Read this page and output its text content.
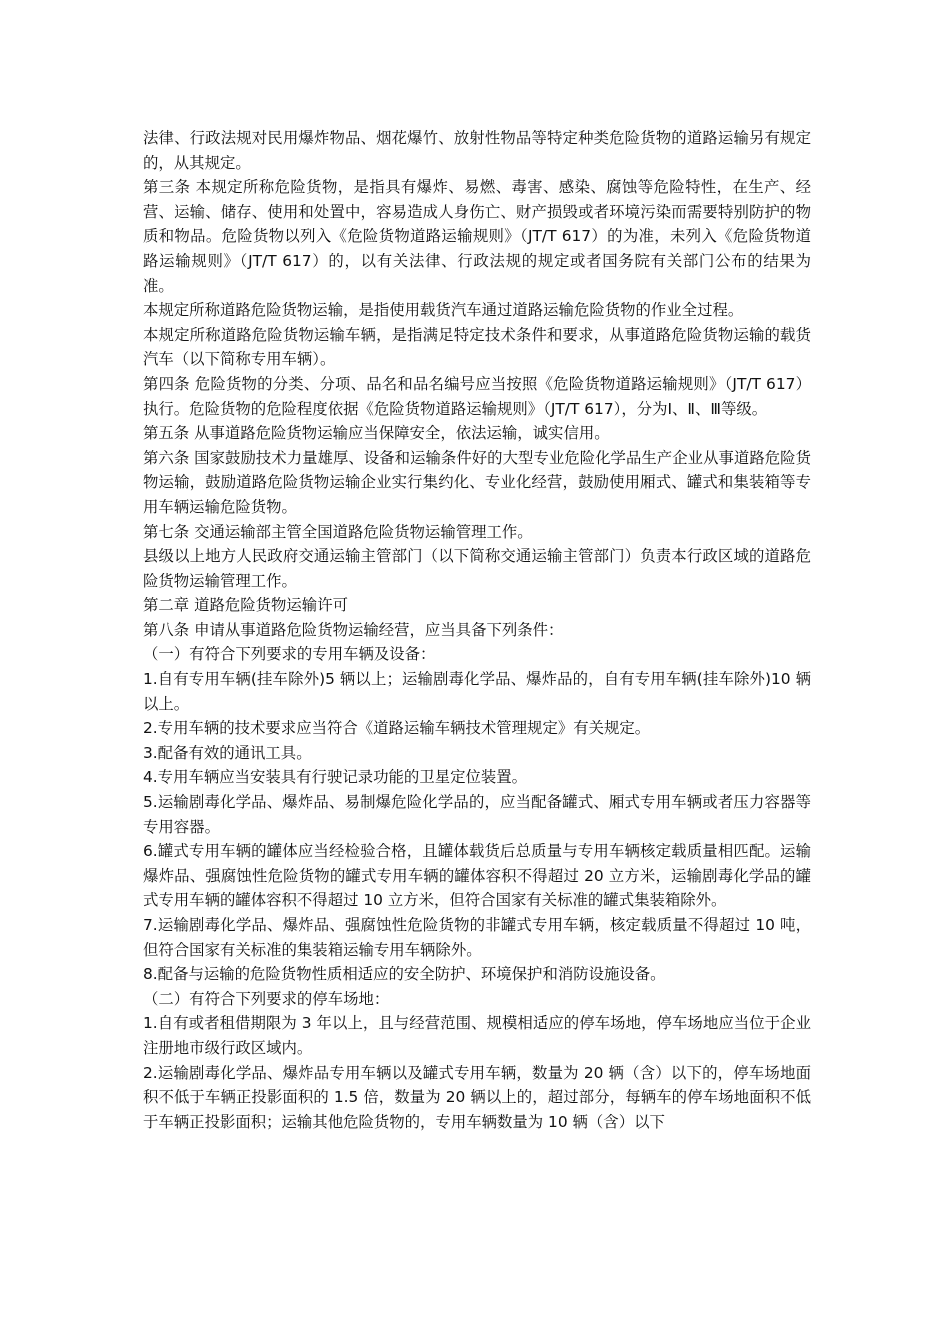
法律、行政法规对民用爆炸物品、烟花爆竹、放射性物品等特定种类危险货物的道路运输另有规定的，从其规定。

第三条 本规定所称危险货物，是指具有爆炸、易燃、毒害、感染、腐蚀等危险特性，在生产、经营、运输、储存、使用和处置中，容易造成人身伤亡、财产损毁或者环境污染而需要特别防护的物质和物品。危险货物以列入《危险货物道路运输规则》（JT/T 617）的为准，未列入《危险货物道路运输规则》（JT/T 617）的，以有关法律、行政法规的规定或者国务院有关部门公布的结果为准。

本规定所称道路危险货物运输，是指使用载货汽车通过道路运输危险货物的作业全过程。

本规定所称道路危险货物运输车辆，是指满足特定技术条件和要求，从事道路危险货物运输的载货汽车（以下简称专用车辆）。

第四条 危险货物的分类、分项、品名和品名编号应当按照《危险货物道路运输规则》（JT/T 617）执行。危险货物的危险程度依据《危险货物道路运输规则》（JT/T 617），分为Ⅰ、Ⅱ、Ⅲ等级。

第五条 从事道路危险货物运输应当保障安全，依法运输，诚实信用。

第六条 国家鼓励技术力量雄厚、设备和运输条件好的大型专业危险化学品生产企业从事道路危险货物运输，鼓励道路危险货物运输企业实行集约化、专业化经营，鼓励使用厢式、罐式和集装箱等专用车辆运输危险货物。

第七条 交通运输部主管全国道路危险货物运输管理工作。

县级以上地方人民政府交通运输主管部门（以下简称交通运输主管部门）负责本行政区域的道路危险货物运输管理工作。

第二章 道路危险货物运输许可

第八条 申请从事道路危险货物运输经营，应当具备下列条件：

（一）有符合下列要求的专用车辆及设备：

1.自有专用车辆(挂车除外)5 辆以上；运输剧毒化学品、爆炸品的，自有专用车辆(挂车除外)10 辆以上。

2.专用车辆的技术要求应当符合《道路运输车辆技术管理规定》有关规定。

3.配备有效的通讯工具。

4.专用车辆应当安装具有行驶记录功能的卫星定位装置。

5.运输剧毒化学品、爆炸品、易制爆危险化学品的，应当配备罐式、厢式专用车辆或者压力容器等专用容器。

6.罐式专用车辆的罐体应当经检验合格，且罐体载货后总质量与专用车辆核定载质量相匹配。运输爆炸品、强腐蚀性危险货物的罐式专用车辆的罐体容积不得超过 20 立方米，运输剧毒化学品的罐式专用车辆的罐体容积不得超过 10 立方米，但符合国家有关标准的罐式集装箱除外。

7.运输剧毒化学品、爆炸品、强腐蚀性危险货物的非罐式专用车辆，核定载质量不得超过 10 吨，但符合国家有关标准的集装箱运输专用车辆除外。

8.配备与运输的危险货物性质相适应的安全防护、环境保护和消防设施设备。

（二）有符合下列要求的停车场地：

1.自有或者租借期限为 3 年以上，且与经营范围、规模相适应的停车场地，停车场地应当位于企业注册地市级行政区域内。

2.运输剧毒化学品、爆炸品专用车辆以及罐式专用车辆，数量为 20 辆（含）以下的，停车场地面积不低于车辆正投影面积的 1.5 倍，数量为 20 辆以上的，超过部分，每辆车的停车场地面积不低于车辆正投影面积；运输其他危险货物的，专用车辆数量为 10 辆（含）以下
